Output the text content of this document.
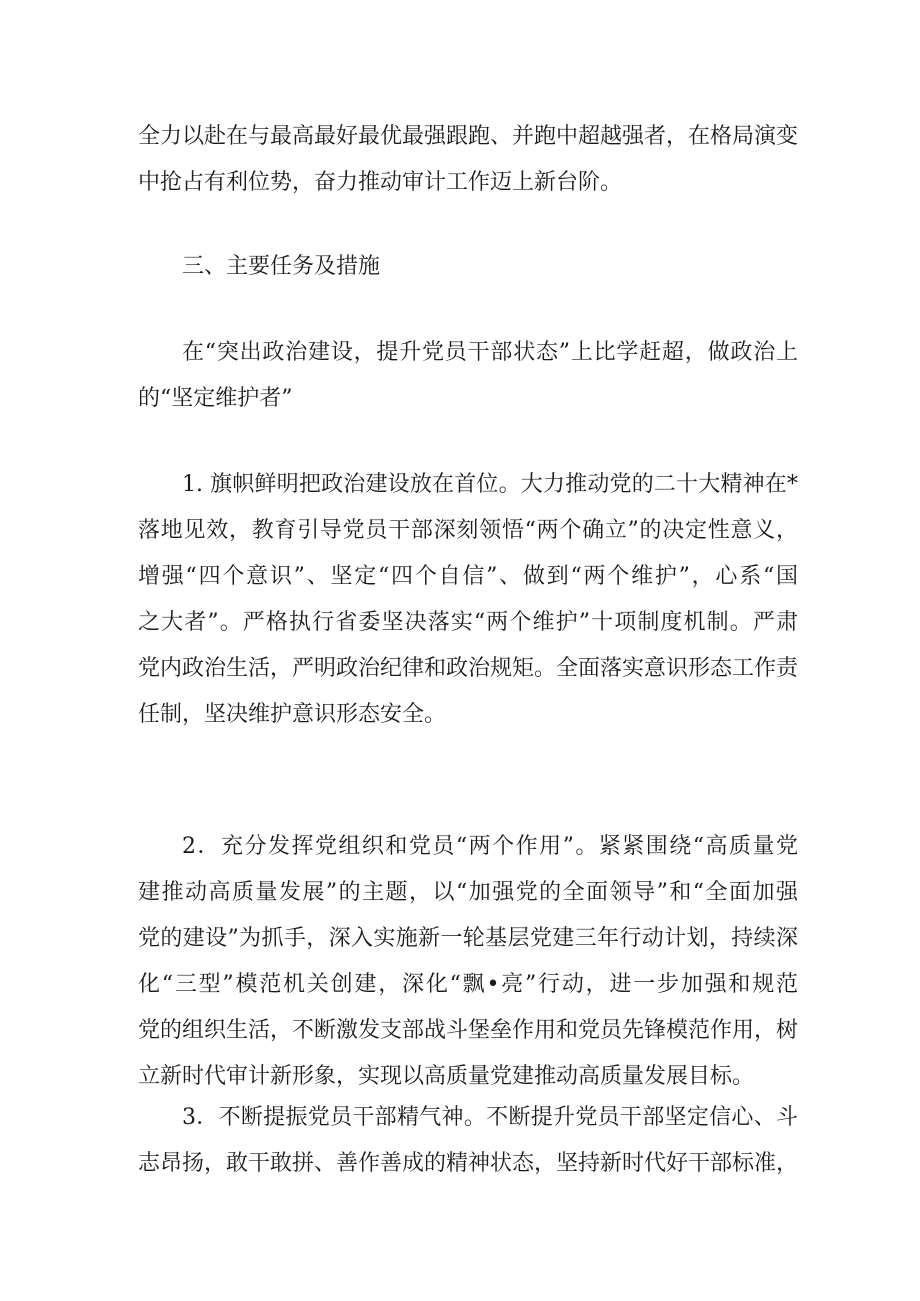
全力以赴在与最高最好最优最强跟跑、并跑中超越强者，在格局演变
中抢占有利位势，奋力推动审计工作迈上新台阶。
三、主要任务及措施
在“突出政治建设，提升党员干部状态”上比学赶超，做政治上
的“坚定维护者”
1. 旗帜鲜明把政治建设放在首位。大力推动党的二十大精神在*
落地见效，教育引导党员干部深刻领悟“两个确立”的决定性意义，
增强“四个意识”、坚定“四个自信”、做到“两个维护”，心系“国
之大者”。严格执行省委坚决落实“两个维护”十项制度机制。严肃
党内政治生活，严明政治纪律和政治规矩。全面落实意识形态工作责
任制，坚决维护意识形态安全。
2．充分发挥党组织和党员“两个作用”。紧紧围绕“高质量党
建推动高质量发展”的主题，以“加强党的全面领导”和“全面加强
党的建设”为抓手，深入实施新一轮基层党建三年行动计划，持续深
化“三型”模范机关创建，深化“飘•亮”行动，进一步加强和规范
党的组织生活，不断激发支部战斗堡垒作用和党员先锋模范作用，树
立新时代审计新形象，实现以高质量党建推动高质量发展目标。
3．不断提振党员干部精气神。不断提升党员干部坚定信心、斗
志昂扬，敢干敢拼、善作善成的精神状态，坚持新时代好干部标准，
